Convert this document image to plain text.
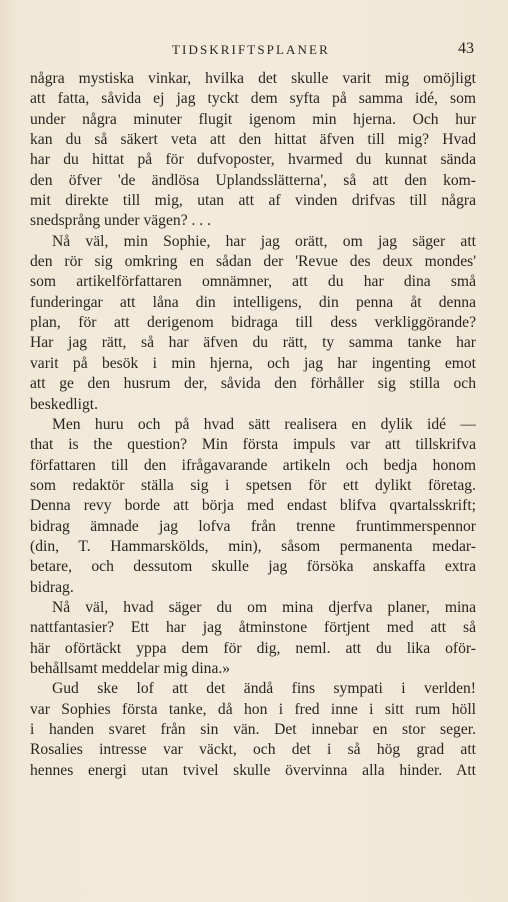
TIDSKRIFTSPLANER	43
några mystiska vinkar, hvilka det skulle varit mig omöjligt
att fatta, såvida ej jag tyckt dem syfta på samma idé, som
under några minuter flugit igenom min hjerna. Och hur
kan du så säkert veta att den hittat äfven till mig? Hvad
har du hittat på för dufvoposter, hvarmed du kunnat sända
den öfver 'de ändlösa Uplandsslätterna', så att den kom-
mit direkte till mig, utan att af vinden drifvas till några
snedsprång under vägen? . . .
Nå väl, min Sophie, har jag orätt, om jag säger att
den rör sig omkring en sådan der 'Revue des deux mondes'
som artikelförfattaren omnämner, att du har dina små
funderingar att låna din intelligens, din penna åt denna
plan, för att derigenom bidraga till dess verkliggörande?
Har jag rätt, så har äfven du rätt, ty samma tanke har
varit på besök i min hjerna, och jag har ingenting emot
att ge den husrum der, såvida den förhåller sig stilla och
beskedligt.
Men huru och på hvad sätt realisera en dylik idé —
that is the question? Min första impuls var att tillskrifva
författaren till den ifrågavarande artikeln och bedja honom
som redaktör ställa sig i spetsen för ett dylikt företag.
Denna revy borde att börja med endast blifva qvartalsskrift;
bidrag ämnade jag lofva från trenne fruntimmerspennor
(din, T. Hammarskölds, min), såsom permanenta medar-
betare, och dessutom skulle jag försöka anskaffa extra
bidrag.
Nå väl, hvad säger du om mina djerfva planer, mina
nattfantasier? Ett har jag åtminstone förtjent med att så
här oförtäckt yppa dem för dig, neml. att du lika oför-
behållsamt meddelar mig dina.»
Gud ske lof att det ändå fins sympati i verlden!
var Sophies första tanke, då hon i fred inne i sitt rum höll
i handen svaret från sin vän. Det innebar en stor seger.
Rosalies intresse var väckt, och det i så hög grad att
hennes energi utan tvivel skulle övervinna alla hinder. Att
